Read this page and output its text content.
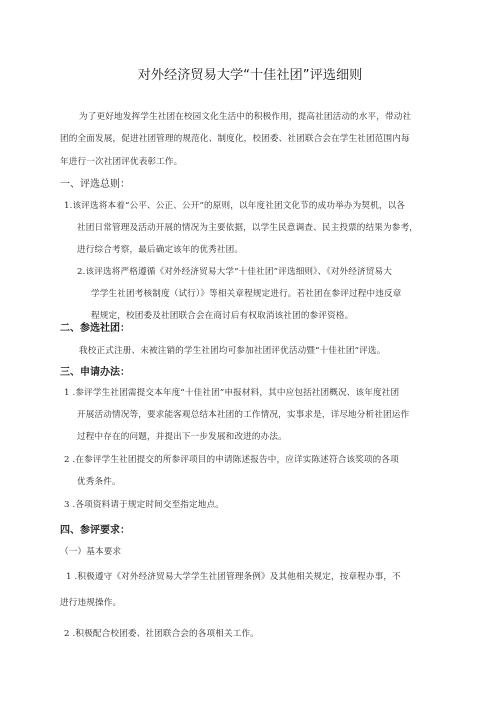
对外经济贸易大学“十佳社团”评选细则
为了更好地发挥学生社团在校园文化生活中的积极作用，提高社团活动的水平，带动社
团的全面发展，促进社团管理的规范化、制度化，校团委、社团联合会在学生社团范围内每
年进行一次社团评优表彰工作。
一、评选总则：
1.该评选将本着“公平、公正、公开”的原则，以年度社团文化节的成功举办为契机，以各
社团日常管理及活动开展的情况为主要依据，以学生民意调查、民主投票的结果为参考，
进行综合考察，最后确定该年的优秀社团。
2.该评选将严格遵循《对外经济贸易大学“十佳社团”评选细则》、《对外经济贸易大
学学生社团考核制度（试行）》等相关章程规定进行。若社团在参评过程中违反章
程规定，校团委及社团联合会在商讨后有权取消该社团的参评资格。
二、参选社团：
我校正式注册、未被注销的学生社团均可参加社团评优活动暨“十佳社团”评选。
三、申请办法：
1 .参评学生社团需提交本年度“十佳社团”申报材料，其中应包括社团概况、该年度社团
开展活动情况等，要求能客观总结本社团的工作情况，实事求是，详尽地分析社团运作
过程中存在的问题，并提出下一步发展和改进的办法。
2 .在参评学生社团提交的所参评项目的申请陈述报告中，应详实陈述符合该奖项的各项
优秀条件。
3 .各项资料请于规定时间交至指定地点。
四、参评要求：
（一）基本要求
1 .积极遵守《对外经济贸易大学学生社团管理条例》及其他相关规定，按章程办事，不
进行违规操作。
2 .积极配合校团委、社团联合会的各项相关工作。
